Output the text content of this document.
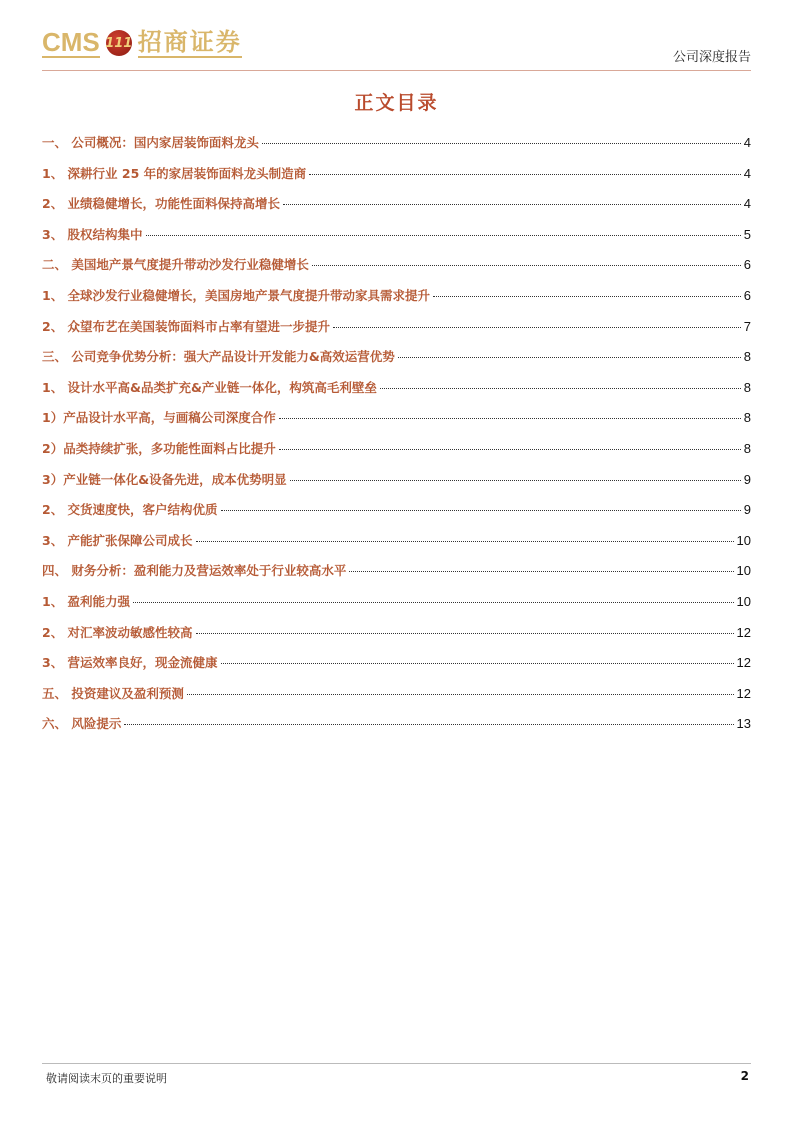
CMS 111 招商证券
公司深度报告
正文目录
一、 公司概况：国内家居装饰面料龙头	4
1、 深耕行业 25 年的家居装饰面料龙头制造商	4
2、 业绩稳健增长，功能性面料保持高增长	4
3、 股权结构集中	5
二、 美国地产景气度提升带动沙发行业稳健增长	6
1、 全球沙发行业稳健增长，美国房地产景气度提升带动家具需求提升	6
2、 众望布艺在美国装饰面料市占率有望进一步提升	7
三、 公司竞争优势分析：强大产品设计开发能力&高效运营优势	8
1、 设计水平高&品类扩充&产业链一体化，构筑高毛利壁垒	8
1）产品设计水平高，与画稿公司深度合作	8
2）品类持续扩张，多功能性面料占比提升	8
3）产业链一体化&设备先进，成本优势明显	9
2、 交货速度快，客户结构优质	9
3、 产能扩张保障公司成长	10
四、 财务分析：盈利能力及营运效率处于行业较高水平	10
1、 盈利能力强	10
2、 对汇率波动敏感性较高	12
3、 营运效率良好，现金流健康	12
五、 投资建议及盈利预测	12
六、 风险提示	13
敬请阅读末页的重要说明	2
